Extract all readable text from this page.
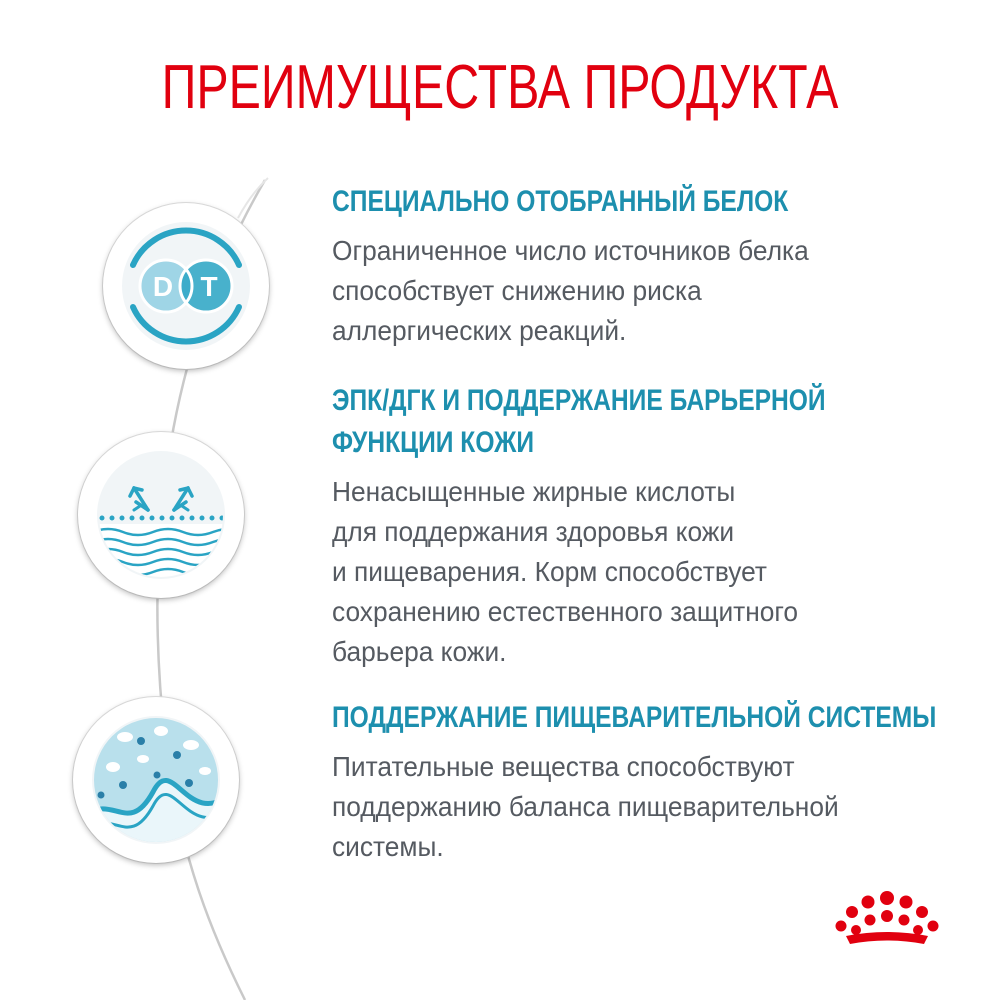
ПРЕИМУЩЕСТВА ПРОДУКТА
D T
СПЕЦИАЛЬНО ОТОБРАННЫЙ БЕЛОК

Ограниченное число источников белка
способствует снижению риска
аллергических реакций.

ЭПК/ДГК И ПОДДЕРЖАНИЕ БАРЬЕРНОЙ
ФУНКЦИИ КОЖИ

Ненасыщенные жирные кислоты
для поддержания здоровья кожи
и пищеварения. Корм способствует
сохранению естественного защитного
барьера кожи.

ПОДДЕРЖАНИЕ ПИЩЕВАРИТЕЛЬНОЙ СИСТЕМЫ

Питательные вещества способствуют
поддержанию баланса пищеварительной
системы.
